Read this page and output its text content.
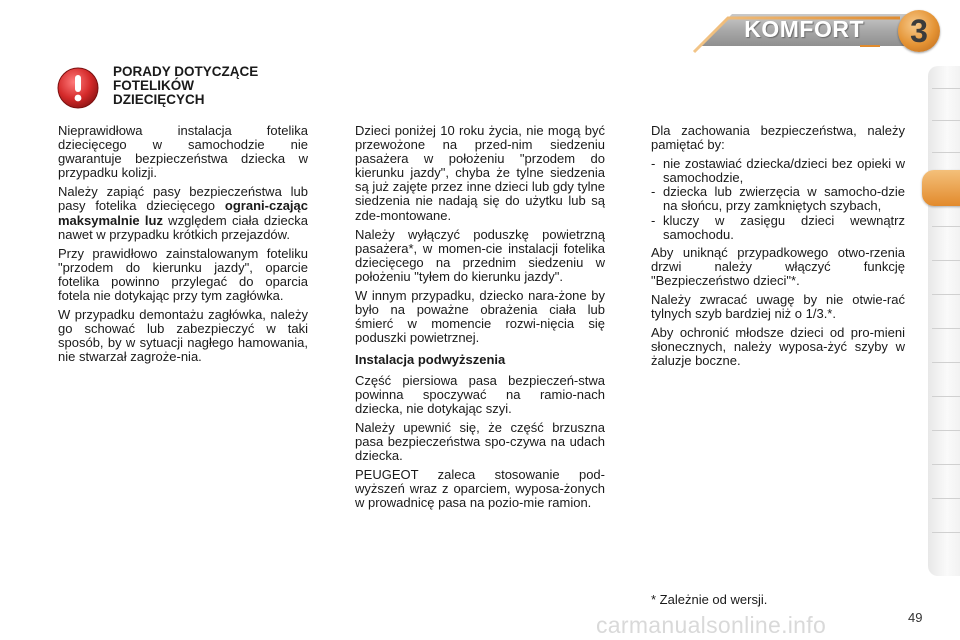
KOMFORT	3
PORADY DOTYCZĄCE
FOTELIKÓW
DZIECIĘCYCH

Nieprawidłowa instalacja fotelika dziecięcego w samochodzie nie gwarantuje bezpieczeństwa dziecka w przypadku kolizji.

Należy zapiąć pasy bezpieczeństwa lub pasy fotelika dziecięcego ograni-czając maksymalnie luz względem ciała dziecka nawet w przypadku krótkich przejazdów.

Przy prawidłowo zainstalowanym foteliku "przodem do kierunku jazdy", oparcie fotelika powinno przylegać do oparcia fotela nie dotykając przy tym zagłówka.

W przypadku demontażu zagłówka, należy go schować lub zabezpieczyć w taki sposób, by w sytuacji nagłego hamowania, nie stwarzał zagroże-nia.

Dzieci poniżej 10 roku życia, nie mogą być przewożone na przed-nim siedzeniu pasażera w położeniu "przodem do kierunku jazdy", chyba że tylne siedzenia są już zajęte przez inne dzieci lub gdy tylne siedzenia nie nadają się do użytku lub są zde-montowane.

Należy wyłączyć poduszkę powietrzną pasażera*, w momen-cie instalacji fotelika dziecięcego na przednim siedzeniu w położeniu "tyłem do kierunku jazdy".

W innym przypadku, dziecko nara-żone by było na poważne obrażenia ciała lub śmierć w momencie rozwi-nięcia się poduszki powietrznej.

Instalacja podwyższenia

Część piersiowa pasa bezpieczeń-stwa powinna spoczywać na ramio-nach dziecka, nie dotykając szyi.

Należy upewnić się, że część brzuszna pasa bezpieczeństwa spo-czywa na udach dziecka.

PEUGEOT zaleca stosowanie pod-wyższeń wraz z oparciem, wyposa-żonych w prowadnicę pasa na pozio-mie ramion.

Dla zachowania bezpieczeństwa, należy pamiętać by:

- nie zostawiać dziecka/dzieci bez opieki w samochodzie,
- dziecka lub zwierzęcia w samocho-dzie na słońcu, przy zamkniętych szybach,
- kluczy w zasięgu dzieci wewnątrz samochodu.

Aby uniknąć przypadkowego otwo-rzenia drzwi należy włączyć funkcję "Bezpieczeństwo dzieci"*.

Należy zwracać uwagę by nie otwie-rać tylnych szyb bardziej niż o 1/3.*.

Aby ochronić młodsze dzieci od pro-mieni słonecznych, należy wyposa-żyć szyby w żaluzje boczne.

* Zależnie od wersji.
carmanualsonline.info	49
